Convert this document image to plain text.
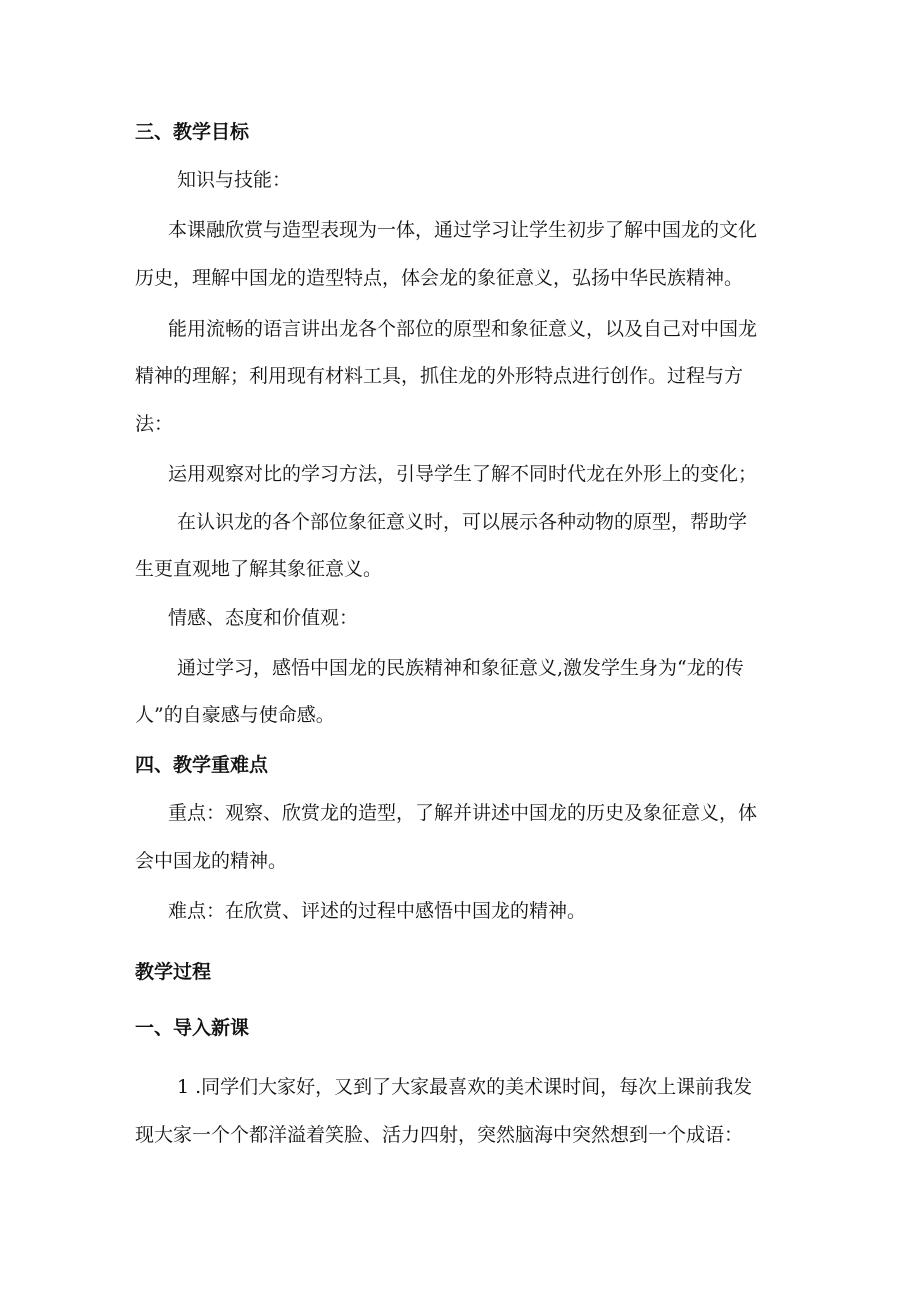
三、教学目标
知识与技能：
本课融欣赏与造型表现为一体，通过学习让学生初步了解中国龙的文化
历史，理解中国龙的造型特点，体会龙的象征意义，弘扬中华民族精神。
能用流畅的语言讲出龙各个部位的原型和象征意义，以及自己对中国龙
精神的理解；利用现有材料工具，抓住龙的外形特点进行创作。过程与方
法：
运用观察对比的学习方法，引导学生了解不同时代龙在外形上的变化；
在认识龙的各个部位象征意义时，可以展示各种动物的原型，帮助学
生更直观地了解其象征意义。
情感、态度和价值观：
通过学习，感悟中国龙的民族精神和象征意义,激发学生身为“龙的传
人”的自豪感与使命感。
四、教学重难点
重点：观察、欣赏龙的造型，了解并讲述中国龙的历史及象征意义，体
会中国龙的精神。
难点：在欣赏、评述的过程中感悟中国龙的精神。
教学过程
一、导入新课
1 .同学们大家好，又到了大家最喜欢的美术课时间，每次上课前我发
现大家一个个都洋溢着笑脸、活力四射，突然脑海中突然想到一个成语：
